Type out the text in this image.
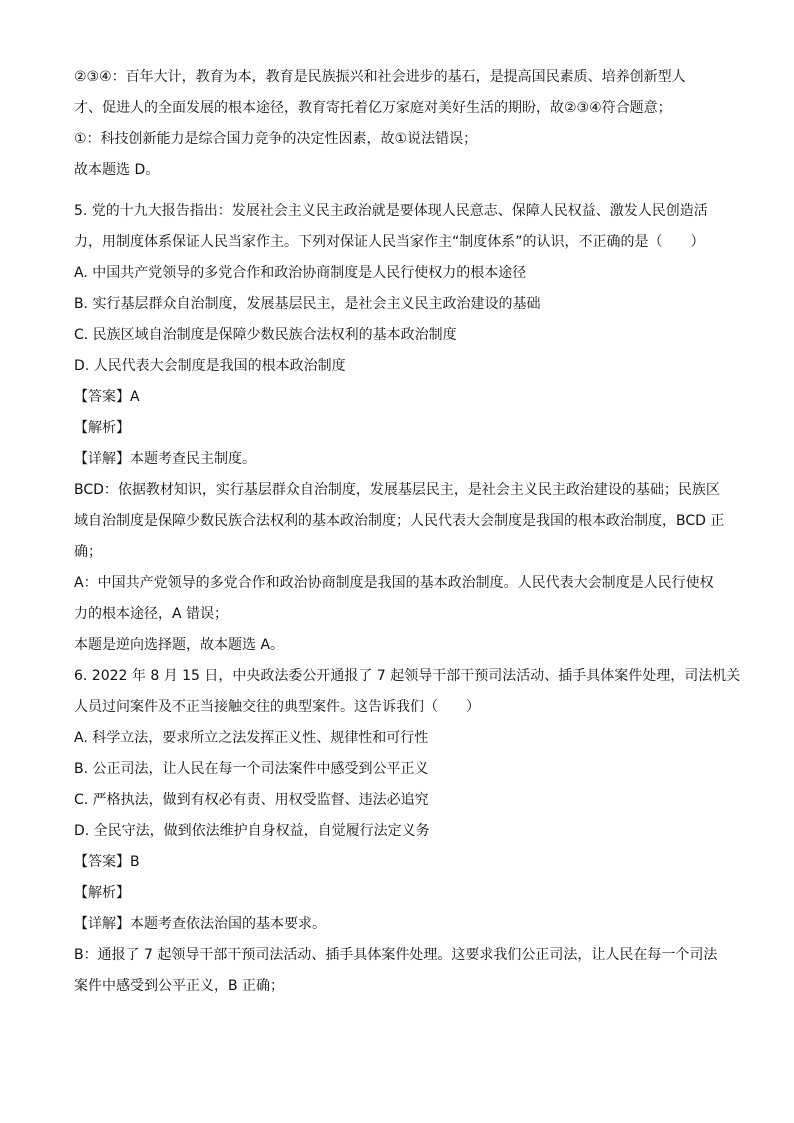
②③④：百年大计，教育为本，教育是民族振兴和社会进步的基石，是提高国民素质、培养创新型人
才、促进人的全面发展的根本途径，教育寄托着亿万家庭对美好生活的期盼，故②③④符合题意；
①：科技创新能力是综合国力竞争的决定性因素，故①说法错误；
故本题选 D。
5. 党的十九大报告指出：发展社会主义民主政治就是要体现人民意志、保障人民权益、激发人民创造活
力，用制度体系保证人民当家作主。下列对保证人民当家作主“制度体系”的认识，不正确的是（　　）
A. 中国共产党领导的多党合作和政治协商制度是人民行使权力的根本途径
B. 实行基层群众自治制度，发展基层民主，是社会主义民主政治建设的基础
C. 民族区域自治制度是保障少数民族合法权利的基本政治制度
D. 人民代表大会制度是我国的根本政治制度
【答案】A
【解析】
【详解】本题考查民主制度。
BCD：依据教材知识，实行基层群众自治制度，发展基层民主，是社会主义民主政治建设的基础；民族区
域自治制度是保障少数民族合法权利的基本政治制度；人民代表大会制度是我国的根本政治制度，BCD 正
确；
A：中国共产党领导的多党合作和政治协商制度是我国的基本政治制度。人民代表大会制度是人民行使权
力的根本途径，A 错误；
本题是逆向选择题，故本题选 A。
6. 2022 年 8 月 15 日，中央政法委公开通报了 7 起领导干部干预司法活动、插手具体案件处理，司法机关
人员过问案件及不正当接触交往的典型案件。这告诉我们（　　）
A. 科学立法，要求所立之法发挥正义性、规律性和可行性
B. 公正司法，让人民在每一个司法案件中感受到公平正义
C. 严格执法，做到有权必有责、用权受监督、违法必追究
D. 全民守法，做到依法维护自身权益，自觉履行法定义务
【答案】B
【解析】
【详解】本题考查依法治国的基本要求。
B：通报了 7 起领导干部干预司法活动、插手具体案件处理。这要求我们公正司法，让人民在每一个司法
案件中感受到公平正义，B 正确；
